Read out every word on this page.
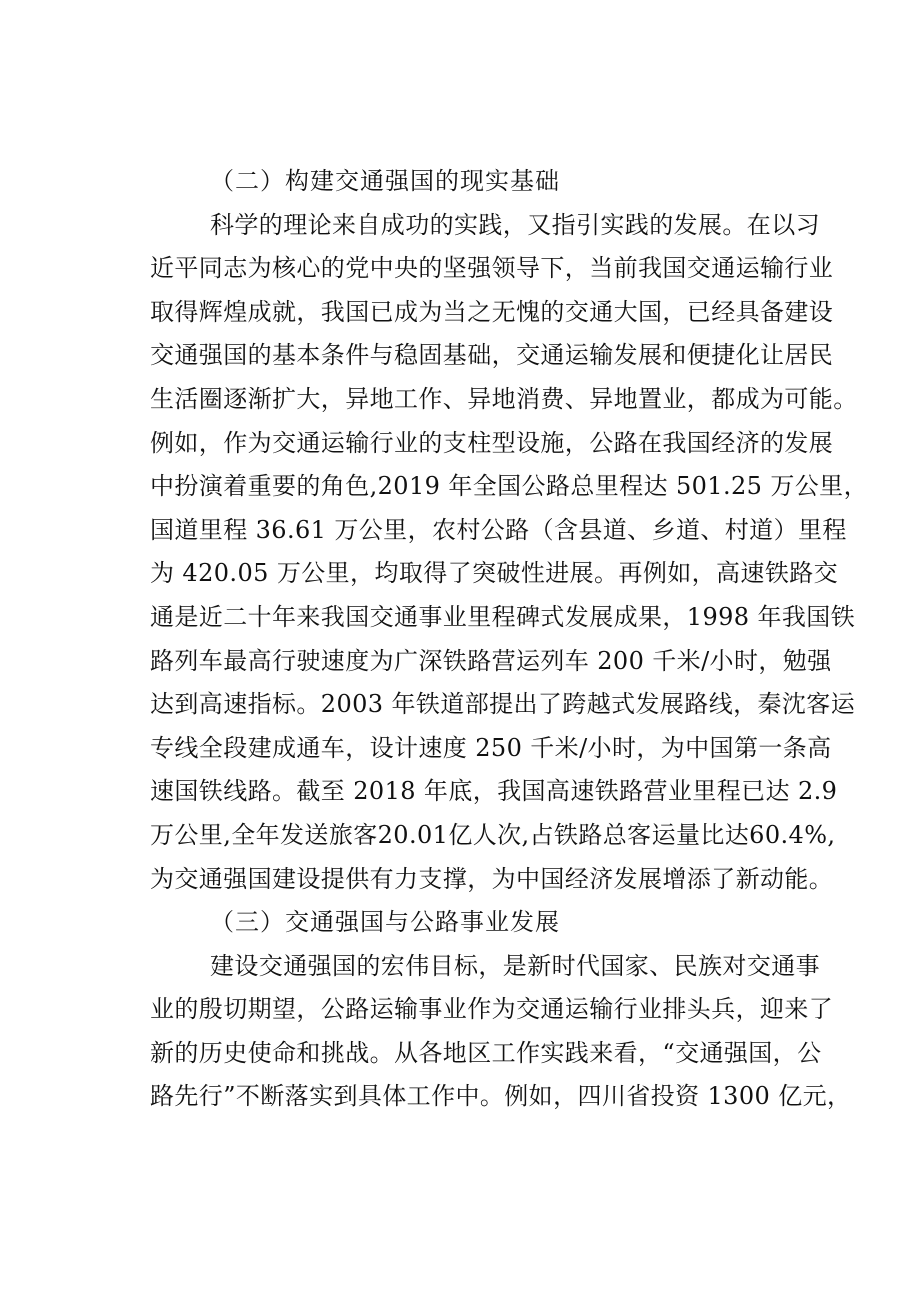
（二）构建交通强国的现实基础
科学的理论来自成功的实践，又指引实践的发展。在以习
近平同志为核心的党中央的坚强领导下，当前我国交通运输行业
取得辉煌成就，我国已成为当之无愧的交通大国，已经具备建设
交通强国的基本条件与稳固基础，交通运输发展和便捷化让居民
生活圈逐渐扩大，异地工作、异地消费、异地置业，都成为可能。
例如，作为交通运输行业的支柱型设施，公路在我国经济的发展
中扮演着重要的角色,2019 年全国公路总里程达 501.25 万公里，
国道里程 36.61 万公里，农村公路（含县道、乡道、村道）里程
为 420.05 万公里，均取得了突破性进展。再例如，高速铁路交
通是近二十年来我国交通事业里程碑式发展成果，1998 年我国铁
路列车最高行驶速度为广深铁路营运列车 200 千米/小时，勉强
达到高速指标。2003 年铁道部提出了跨越式发展路线，秦沈客运
专线全段建成通车，设计速度 250 千米/小时，为中国第一条高
速国铁线路。截至 2018 年底，我国高速铁路营业里程已达 2.9
万公里,全年发送旅客20.01亿人次,占铁路总客运量比达60.4%,
为交通强国建设提供有力支撑，为中国经济发展增添了新动能。
（三）交通强国与公路事业发展
建设交通强国的宏伟目标，是新时代国家、民族对交通事
业的殷切期望，公路运输事业作为交通运输行业排头兵，迎来了
新的历史使命和挑战。从各地区工作实践来看，“交通强国，公
路先行”不断落实到具体工作中。例如，四川省投资 1300 亿元，
